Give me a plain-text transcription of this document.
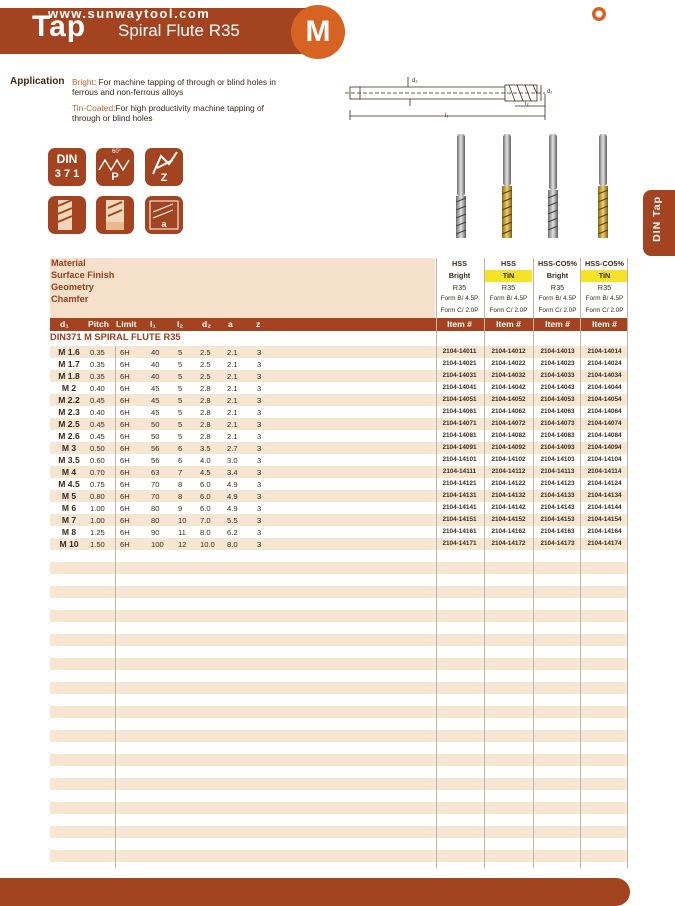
Tap Spiral Flute R35	M
Application Bright: For machine tapping of through or blind holes in ferrous and non-ferrous alloys
Tin-Coated:For high productivity machine tapping of through or blind holes
d₂
l₁
l₂
d₁
DIN
3 7 1
60°
P	Z
a	DIN Tap
Material
Surface Finish
Geometry
Chamfer
HSS	HSS	HSS-CO5%	HSS-CO5%
Bright	TiN	Bright	TiN
R35	R35	R35	R35
Form B/ 4.5P	Form B/ 4.5P	Form B/ 4.5P	Form B/ 4.5P
Form C/ 2.0P	Form C/ 2.0P	Form C/ 2.0P	Form C/ 2.0P
d₁ Pitch Limit l₁ l₂ d₂ a	z	Item #	Item #	Item #	Item #
DIN371 M SPIRAL FLUTE R35
M 1.6	0.35 6H	40 5 2.5 2.1	3	2104-14011	2104-14012	2104-14013	2104-14014
M 1.7	0.35 6H	40 5 2.5 2.1	3	2104-14021	2104-14022	2104-14023	2104-14024
M 1.8	0.35 6H	40 5 2.5 2.1	3	2104-14031	2104-14032	2104-14033	2104-14034
M 2	0.40 6H	45 5 2.8 2.1	3	2104-14041	2104-14042	2104-14043	2104-14044
M 2.2	0.45 6H	45 5 2.8 2.1	3	2104-14051	2104-14052	2104-14053	2104-14054
M 2.3	0.40 6H	45 5 2.8 2.1	3	2104-14061	2104-14062	2104-14063	2104-14064
M 2.5	0.45 6H	50 5 2.8 2.1	3	2104-14071	2104-14072	2104-14073	2104-14074
M 2.6	0.45 6H	50 5 2.8 2.1	3	2104-14081	2104-14082	2104-14083	2104-14084
M 3	0.50 6H	56 6 3.5 2.7	3	2104-14091	2104-14092	2104-14093	2104-14094
M 3.5	0.60 6H	56 6 4.0 3.0	3	2104-14101	2104-14102	2104-14103	2104-14104
M 4	0.70 6H	63 7 4.5 3.4	3	2104-14111	2104-14112	2104-14113	2104-14114
M 4.5	0.75 6H	70 8 6.0 4.9	3	2104-14121	2104-14122	2104-14123	2104-14124
M 5	0.80 6H	70 8 6.0 4.9	3	2104-14131	2104-14132	2104-14133	2104-14134
M 6	1.00 6H	80 9 6.0 4.9	3	2104-14141	2104-14142	2104-14143	2104-14144
M 7	1.00 6H	80 10 7.0 5.5	3	2104-14151	2104-14152	2104-14153	2104-14154
M 8	1.25 6H	90 11 8.0 6.2	3	2104-14161	2104-14162	2104-14163	2104-14164
M 10	1.50 6H	100 12 10.0 8.0	3	2104-14171	2104-14172	2104-14173	2104-14174
www.sunwaytool.com
